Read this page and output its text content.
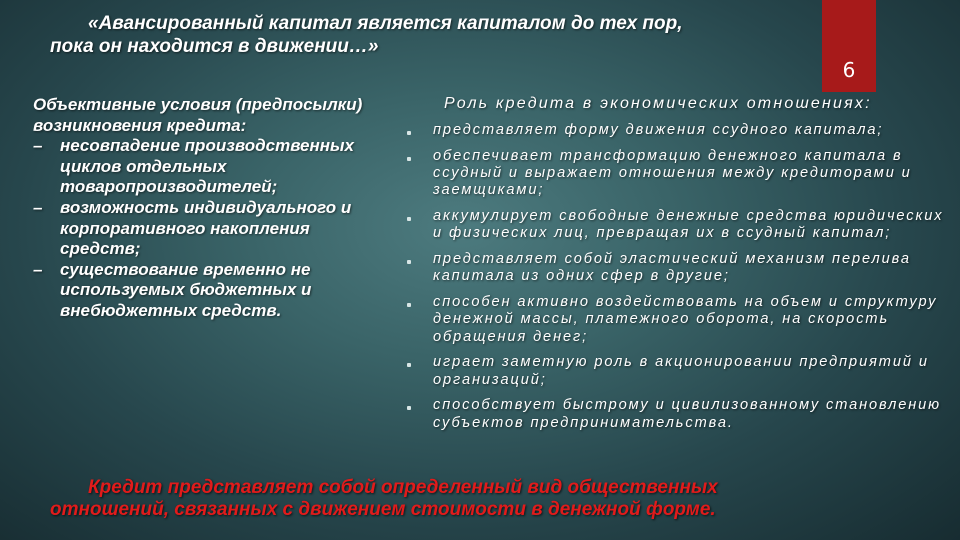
«Авансированный капитал является капиталом до тех пор,
пока он находится в движении…»
6
Объективные условия (предпосылки) возникновения кредита:
– несовпадение производственных циклов отдельных товаропроизводителей;
– возможность индивидуального и корпоративного накопления средств;
– существование временно не используемых бюджетных и внебюджетных средств.
Роль кредита в экономических отношениях:
представляет форму движения ссудного капитала;
обеспечивает трансформацию денежного капитала в ссудный и выражает отношения между кредиторами и заемщиками;
аккумулирует свободные денежные средства юридических и физических лиц, превращая их в ссудный капитал;
представляет собой эластический механизм перелива капитала из одних сфер в другие;
способен активно воздействовать на объем и структуру денежной массы, платежного оборота, на скорость обращения денег;
играет заметную роль в акционировании предприятий и организаций;
способствует быстрому и цивилизованному становлению субъектов предпринимательства.
Кредит представляет собой определенный вид общественных
отношений, связанных с движением стоимости в денежной форме.
